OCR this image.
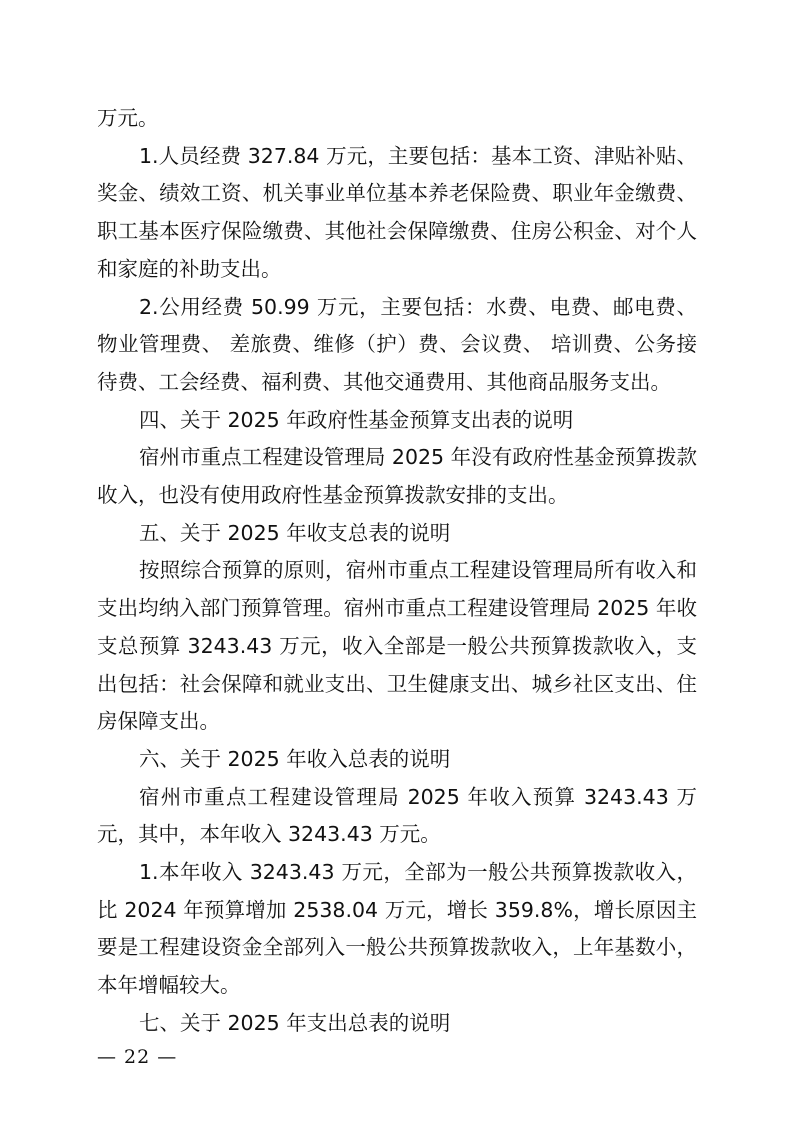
万元。

1.人员经费 327.84 万元，主要包括：基本工资、津贴补贴、奖金、绩效工资、机关事业单位基本养老保险费、职业年金缴费、职工基本医疗保险缴费、其他社会保障缴费、住房公积金、对个人和家庭的补助支出。

2.公用经费 50.99 万元，主要包括：水费、电费、邮电费、物业管理费、 差旅费、维修（护）费、会议费、 培训费、公务接待费、工会经费、福利费、其他交通费用、其他商品服务支出。

四、关于 2025 年政府性基金预算支出表的说明

宿州市重点工程建设管理局 2025 年没有政府性基金预算拨款收入，也没有使用政府性基金预算拨款安排的支出。

五、关于 2025 年收支总表的说明

按照综合预算的原则，宿州市重点工程建设管理局所有收入和支出均纳入部门预算管理。宿州市重点工程建设管理局 2025 年收支总预算 3243.43 万元，收入全部是一般公共预算拨款收入，支出包括：社会保障和就业支出、卫生健康支出、城乡社区支出、住房保障支出。

六、关于 2025 年收入总表的说明

宿州市重点工程建设管理局 2025 年收入预算 3243.43 万元，其中，本年收入 3243.43 万元。

1.本年收入 3243.43 万元，全部为一般公共预算拨款收入，比 2024 年预算增加 2538.04 万元，增长 359.8%，增长原因主要是工程建设资金全部列入一般公共预算拨款收入，上年基数小，本年增幅较大。

七、关于 2025 年支出总表的说明

— 22 —
